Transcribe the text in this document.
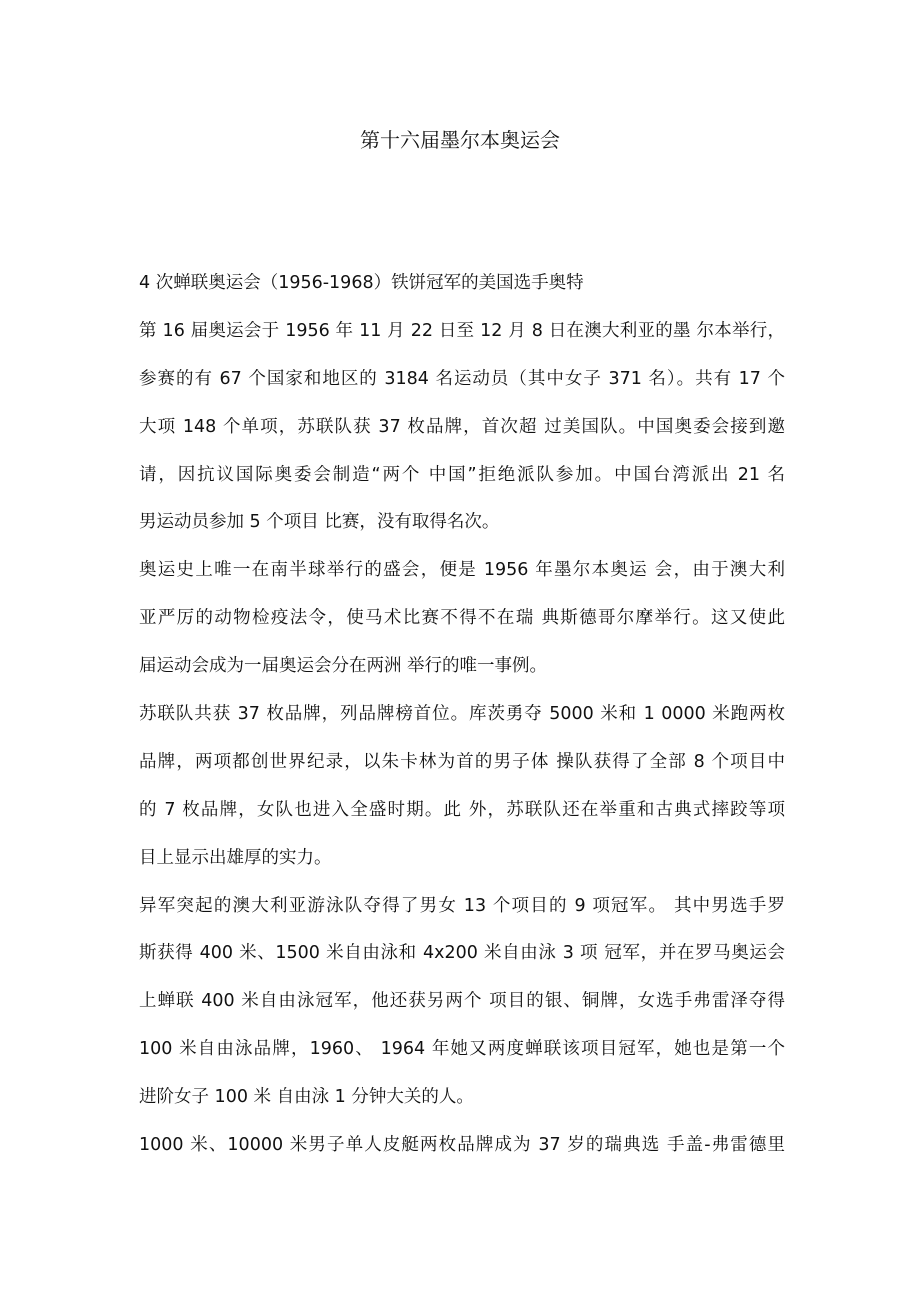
第十六届墨尔本奥运会
4 次蝉联奥运会（1956-1968）铁饼冠军的美国选手奥特
第 16 届奥运会于 1956 年 11 月 22 日至 12 月 8 日在澳大利亚的墨 尔本举行，
参赛的有 67 个国家和地区的 3184 名运动员（其中女子 371 名）。共有 17 个
大项 148 个单项，苏联队获 37 枚品牌，首次超 过美国队。中国奥委会接到邀
请，因抗议国际奥委会制造“两个 中国”拒绝派队参加。中国台湾派出 21 名
男运动员参加 5 个项目 比赛，没有取得名次。
奥运史上唯一在南半球举行的盛会，便是 1956 年墨尔本奥运 会，由于澳大利
亚严厉的动物检疫法令，使马术比赛不得不在瑞 典斯德哥尔摩举行。这又使此
届运动会成为一届奥运会分在两洲 举行的唯一事例。
苏联队共获 37 枚品牌，列品牌榜首位。库茨勇夺 5000 米和 1 0000 米跑两枚
品牌，两项都创世界纪录，以朱卡林为首的男子体 操队获得了全部 8 个项目中
的 7 枚品牌，女队也进入全盛时期。此 外，苏联队还在举重和古典式摔跤等项
目上显示出雄厚的实力。
异军突起的澳大利亚游泳队夺得了男女 13 个项目的 9 项冠军。 其中男选手罗
斯获得 400 米、1500 米自由泳和 4x200 米自由泳 3 项 冠军，并在罗马奥运会
上蝉联 400 米自由泳冠军，他还获另两个 项目的银、铜牌，女选手弗雷泽夺得
100 米自由泳品牌，1960、 1964 年她又两度蝉联该项目冠军，她也是第一个
进阶女子 100 米 自由泳 1 分钟大关的人。
1000 米、10000 米男子单人皮艇两枚品牌成为 37 岁的瑞典选 手盖-弗雷德里
